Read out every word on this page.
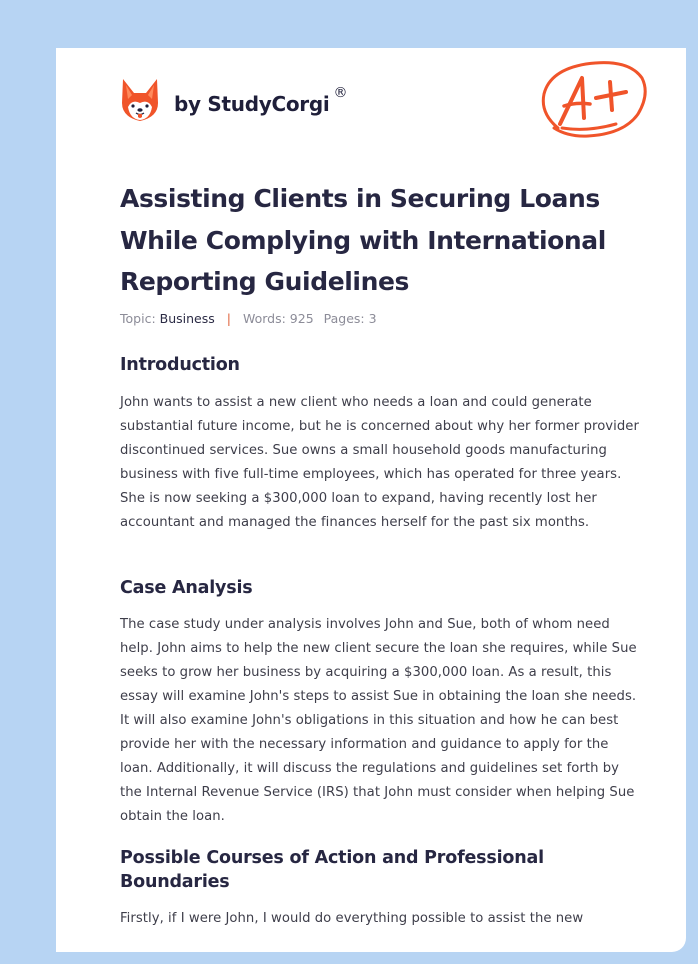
by StudyCorgi ®
Assisting Clients in Securing Loans While Complying with International Reporting Guidelines
Topic: Business | Words: 925 Pages: 3
Introduction

John wants to assist a new client who needs a loan and could generate substantial future income, but he is concerned about why her former provider discontinued services. Sue owns a small household goods manufacturing business with five full-time employees, which has operated for three years. She is now seeking a $300,000 loan to expand, having recently lost her accountant and managed the finances herself for the past six months.

Case Analysis

The case study under analysis involves John and Sue, both of whom need help. John aims to help the new client secure the loan she requires, while Sue seeks to grow her business by acquiring a $300,000 loan. As a result, this essay will examine John's steps to assist Sue in obtaining the loan she needs. It will also examine John's obligations in this situation and how he can best provide her with the necessary information and guidance to apply for the loan. Additionally, it will discuss the regulations and guidelines set forth by the Internal Revenue Service (IRS) that John must consider when helping Sue obtain the loan.

Possible Courses of Action and Professional Boundaries

Firstly, if I were John, I would do everything possible to assist the new
